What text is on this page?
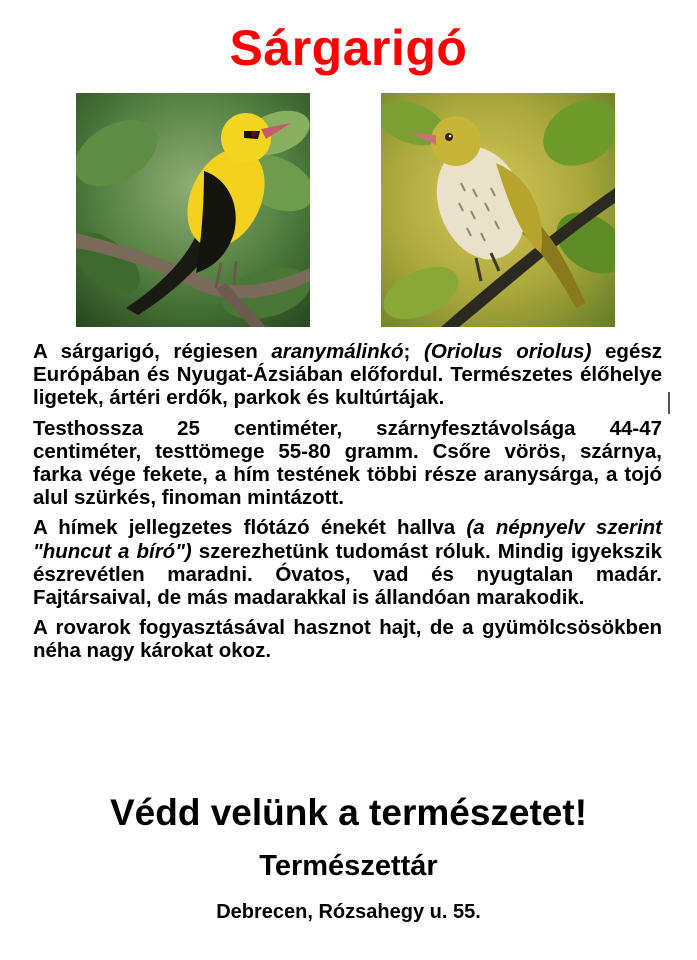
Sárgarigó

A sárgarigó, régiesen aranymálinkó; (Oriolus oriolus) egész Európában és Nyugat-Ázsiában előfordul. Természetes élőhelye ligetek, ártéri erdők, parkok és kultúrtájak.

Testhossza 25 centiméter, szárnyfesztávolsága 44-47 centiméter, testtömege 55-80 gramm. Csőre vörös, szárnya, farka vége fekete, a hím testének többi része aranysárga, a tojó alul szürkés, finoman mintázott.

A hímek jellegzetes flótázó énekét hallva (a népnyelv szerint "huncut a bíró") szerezhetünk tudomást róluk. Mindig igyekszik észrevétlen maradni. Óvatos, vad és nyugtalan madár. Fajtársaival, de más madarakkal is állandóan marakodik.

A rovarok fogyasztásával hasznot hajt, de a gyümölcsösökben néha nagy károkat okoz.

Védd velünk a természetet!
Természettár
Debrecen, Rózsahegy u. 55.
